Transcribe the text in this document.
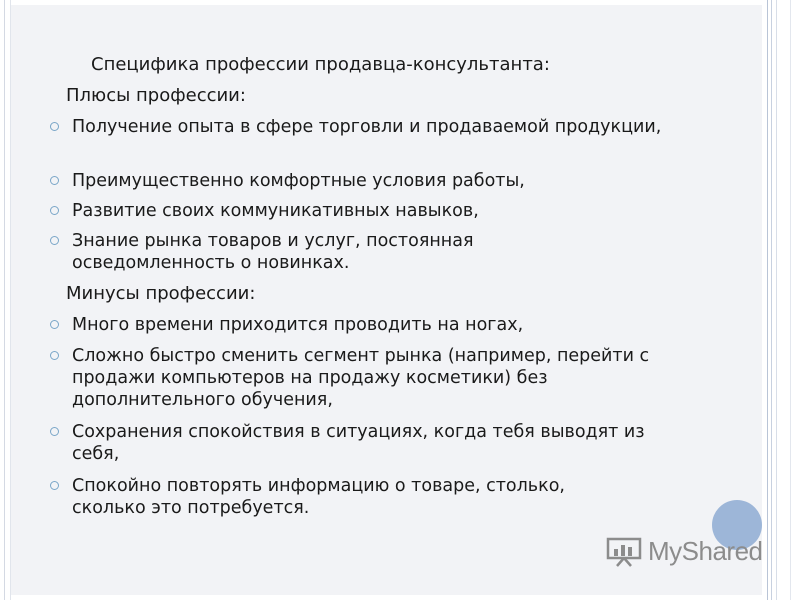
Специфика профессии продавца-консультанта:
Плюсы профессии:
Получение опыта в сфере торговли и продаваемой продукции,
Преимущественно комфортные условия работы,
Развитие своих коммуникативных навыков,
Знание рынка товаров и услуг, постоянная осведомленность о новинках.
Минусы профессии:
Много времени приходится проводить на ногах,
Сложно быстро сменить сегмент рынка (например, перейти с продажи компьютеров на продажу косметики) без дополнительного обучения,
Сохранения спокойствия в ситуациях, когда тебя выводят из себя,
Спокойно повторять информацию о товаре, столько, сколько это потребуется.
MyShared
